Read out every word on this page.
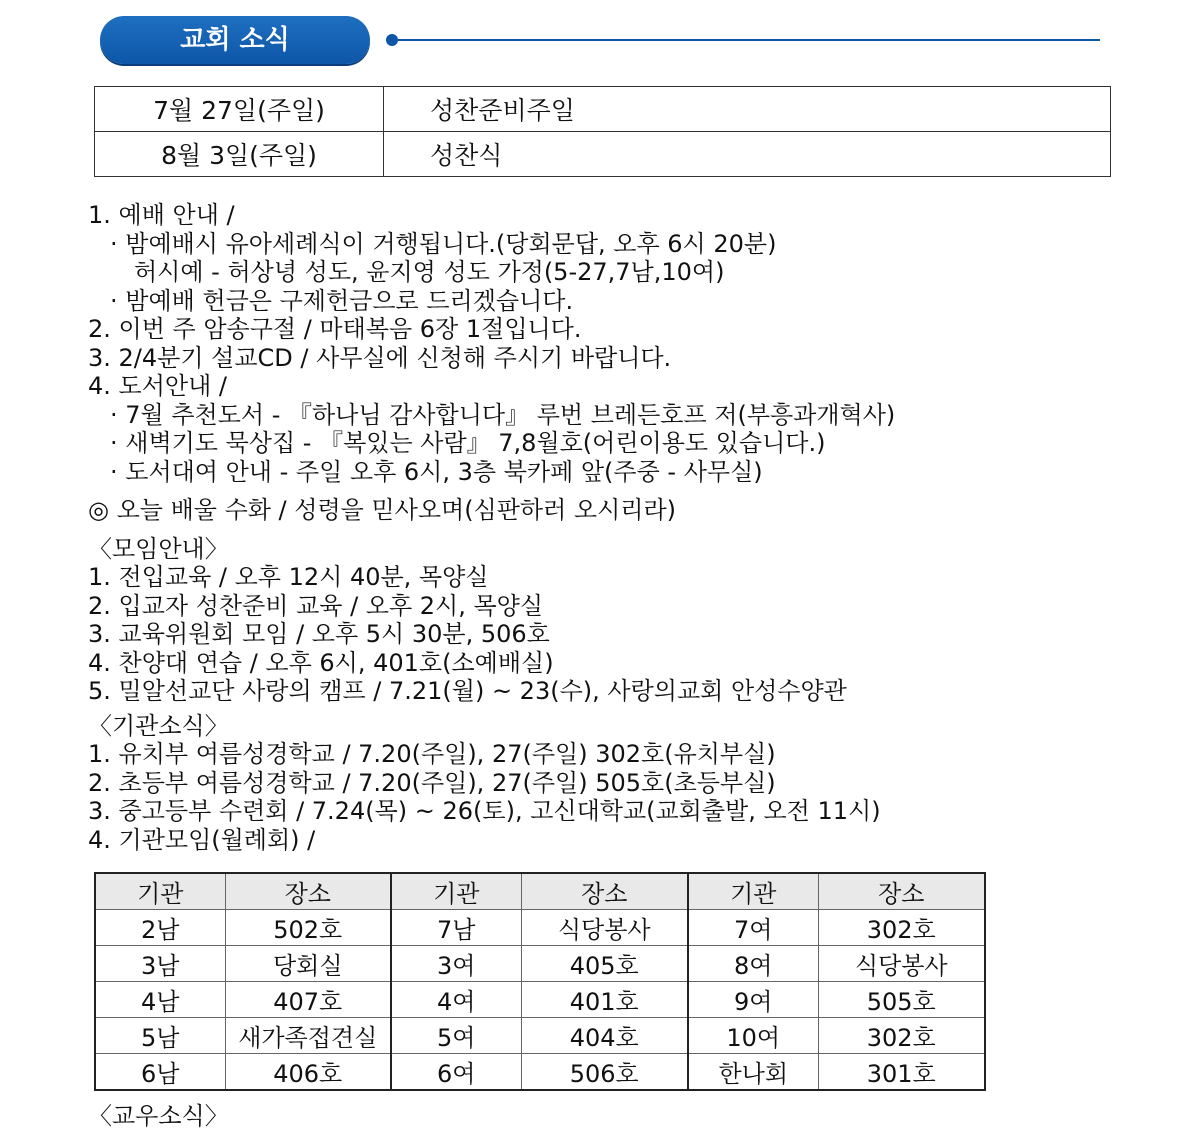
교회 소식
7월 27일(주일)	성찬준비주일
8월 3일(주일)	성찬식
1. 예배 안내 /
· 밤예배시 유아세례식이 거행됩니다.(당회문답, 오후 6시 20분)
허시예 - 허상녕 성도, 윤지영 성도 가정(5-27,7남,10여)
· 밤예배 헌금은 구제헌금으로 드리겠습니다.
2. 이번 주 암송구절 / 마태복음 6장 1절입니다.
3. 2/4분기 설교CD / 사무실에 신청해 주시기 바랍니다.
4. 도서안내 /
· 7월 추천도서 - 『하나님 감사합니다』 루번 브레든호프 저(부흥과개혁사)
· 새벽기도 묵상집 - 『복있는 사람』 7,8월호(어린이용도 있습니다.)
· 도서대여 안내 - 주일 오후 6시, 3층 북카페 앞(주중 - 사무실)
◎ 오늘 배울 수화 / 성령을 믿사오며(심판하러 오시리라)
〈모임안내〉
1. 전입교육 / 오후 12시 40분, 목양실
2. 입교자 성찬준비 교육 / 오후 2시, 목양실
3. 교육위원회 모임 / 오후 5시 30분, 506호
4. 찬양대 연습 / 오후 6시, 401호(소예배실)
5. 밀알선교단 사랑의 캠프 / 7.21(월) ~ 23(수), 사랑의교회 안성수양관
〈기관소식〉
1. 유치부 여름성경학교 / 7.20(주일), 27(주일) 302호(유치부실)
2. 초등부 여름성경학교 / 7.20(주일), 27(주일) 505호(초등부실)
3. 중고등부 수련회 / 7.24(목) ~ 26(토), 고신대학교(교회출발, 오전 11시)
4. 기관모임(월례회) /
기관	장소	기관	장소	기관	장소
2남	502호	7남	식당봉사	7여	302호
3남	당회실	3여	405호	8여	식당봉사
4남	407호	4여	401호	9여	505호
5남	새가족접견실	5여	404호	10여	302호
6남	406호	6여	506호	한나회	301호
〈교우소식〉
